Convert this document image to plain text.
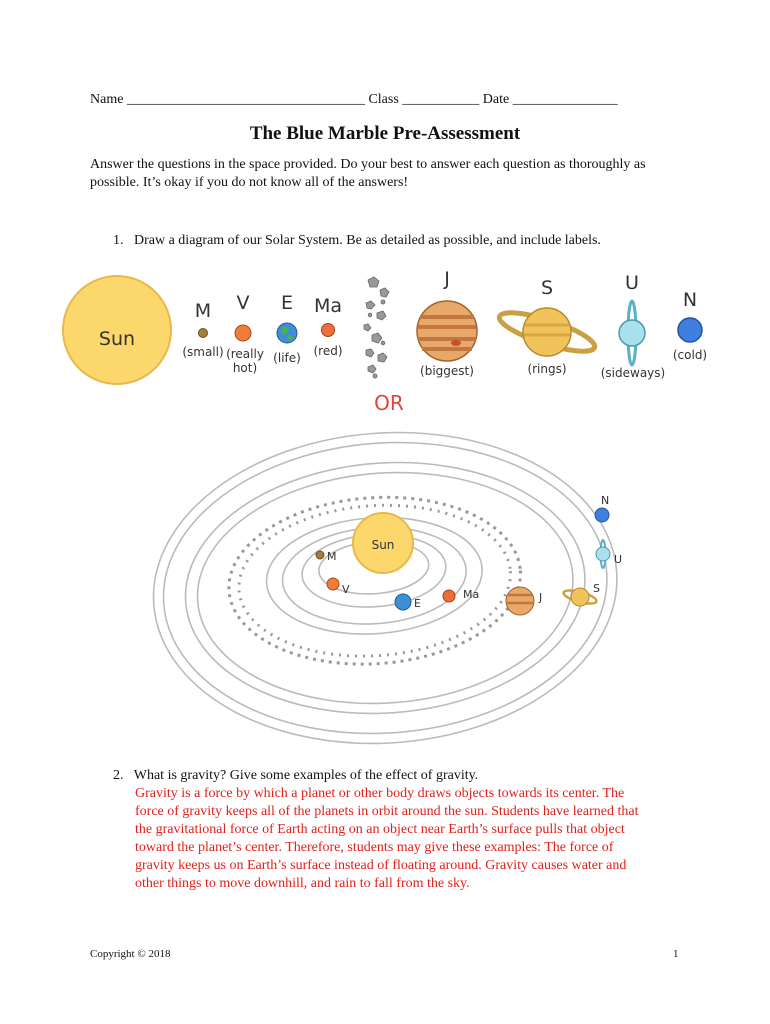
Name __________________________________ Class ___________ Date _______________
The Blue Marble Pre-Assessment
Answer the questions in the space provided. Do your best to answer each question as thoroughly as possible. It’s okay if you do not know all of the answers!
1. Draw a diagram of our Solar System. Be as detailed as possible, and include labels.
Sun
M
(small)
V
(really
hot)
E
(life)
Ma
(red)
J
(biggest)
S
(rings)
U
(sideways)
N
(cold)
OR
Sun
M
V
E
Ma	J
S
U
N
2. What is gravity? Give some examples of the effect of gravity.
Gravity is a force by which a planet or other body draws objects towards its center. The
force of gravity keeps all of the planets in orbit around the sun. Students have learned that
the gravitational force of Earth acting on an object near Earth’s surface pulls that object
toward the planet’s center. Therefore, students may give these examples: The force of
gravity keeps us on Earth’s surface instead of floating around. Gravity causes water and
other things to move downhill, and rain to fall from the sky.
Copyright © 2018	1
